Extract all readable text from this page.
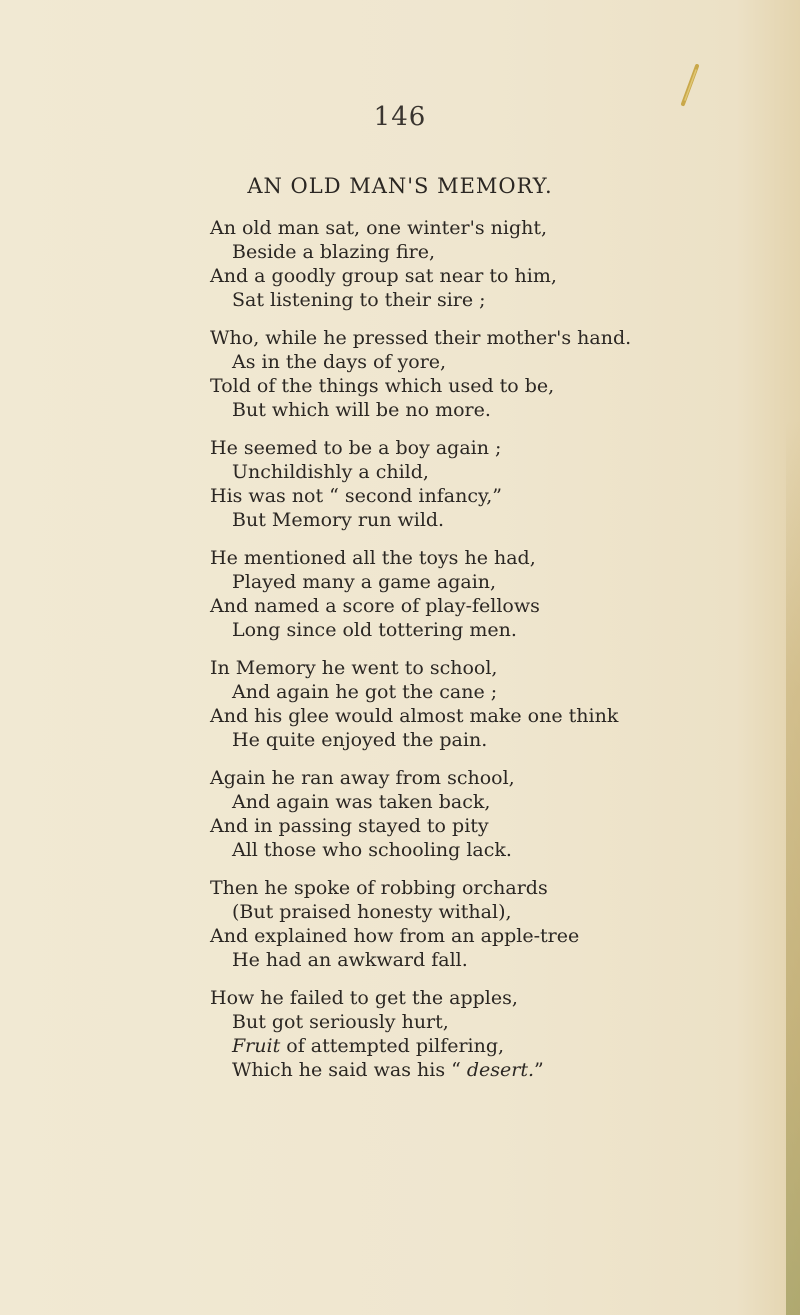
146
AN OLD MAN'S MEMORY.
An old man sat, one winter's night,
Beside a blazing fire,
And a goodly group sat near to him,
Sat listening to their sire ;
Who, while he pressed their mother's hand.
As in the days of yore,
Told of the things which used to be,
But which will be no more.
He seemed to be a boy again ;
Unchildishly a child,
His was not “ second infancy,”
But Memory run wild.
He mentioned all the toys he had,
Played many a game again,
And named a score of play-fellows
Long since old tottering men.
In Memory he went to school,
And again he got the cane ;
And his glee would almost make one think
He quite enjoyed the pain.
Again he ran away from school,
And again was taken back,
And in passing stayed to pity
All those who schooling lack.
Then he spoke of robbing orchards
(But praised honesty withal),
And explained how from an apple-tree
He had an awkward fall.
How he failed to get the apples,
But got seriously hurt,
Fruit of attempted pilfering,
Which he said was his “ desert.”
